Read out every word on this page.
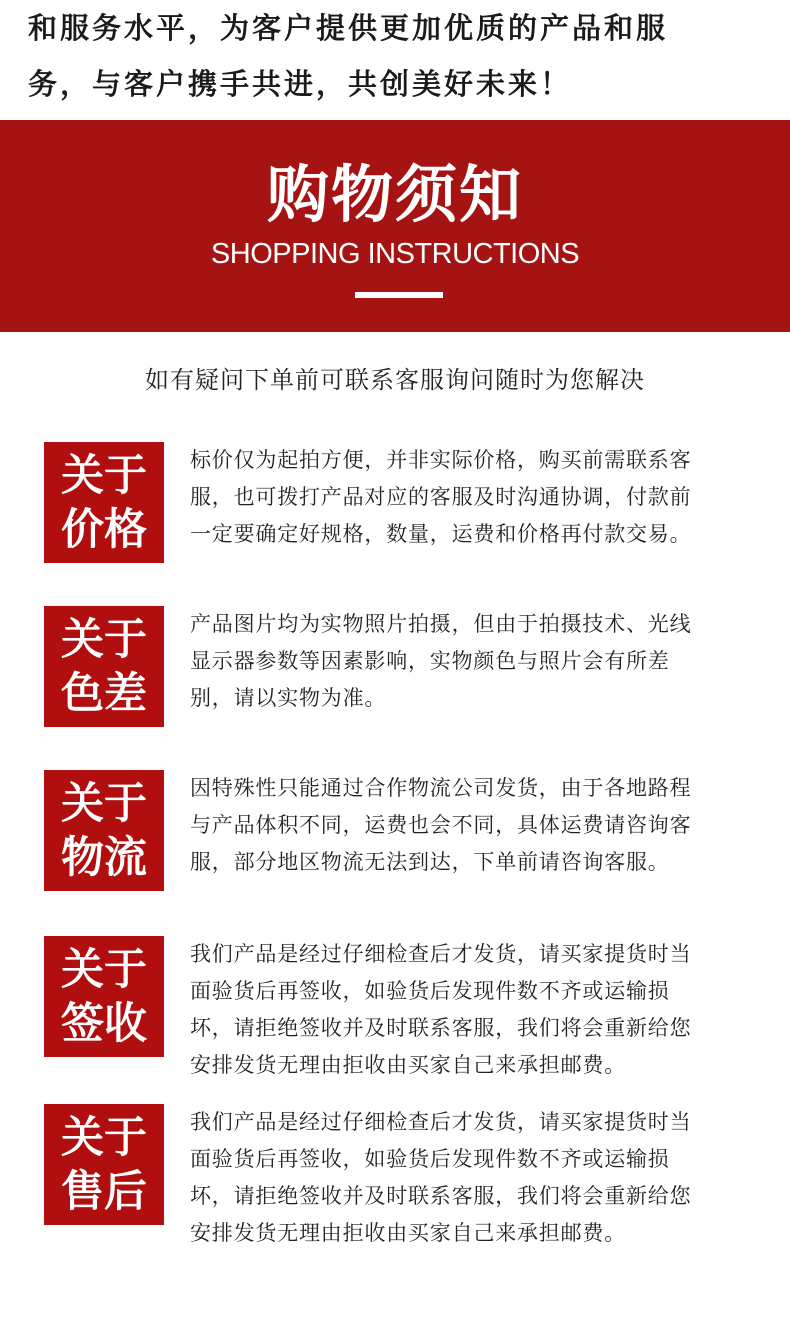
和服务水平，为客户提供更加优质的产品和服
务，与客户携手共进，共创美好未来！
购物须知
SHOPPING INSTRUCTIONS
如有疑问下单前可联系客服询问随时为您解决
关于
价格
标价仅为起拍方便，并非实际价格，购买前需联系客
服，也可拨打产品对应的客服及时沟通协调，付款前
一定要确定好规格，数量，运费和价格再付款交易。
关于
色差
产品图片均为实物照片拍摄，但由于拍摄技术、光线
显示器参数等因素影响，实物颜色与照片会有所差
别，请以实物为准。
关于
物流
因特殊性只能通过合作物流公司发货，由于各地路程
与产品体积不同，运费也会不同，具体运费请咨询客
服，部分地区物流无法到达，下单前请咨询客服。
关于
签收
我们产品是经过仔细检查后才发货，请买家提货时当
面验货后再签收，如验货后发现件数不齐或运输损
坏，请拒绝签收并及时联系客服，我们将会重新给您
安排发货无理由拒收由买家自己来承担邮费。
关于
售后
我们产品是经过仔细检查后才发货，请买家提货时当
面验货后再签收，如验货后发现件数不齐或运输损
坏，请拒绝签收并及时联系客服，我们将会重新给您
安排发货无理由拒收由买家自己来承担邮费。
